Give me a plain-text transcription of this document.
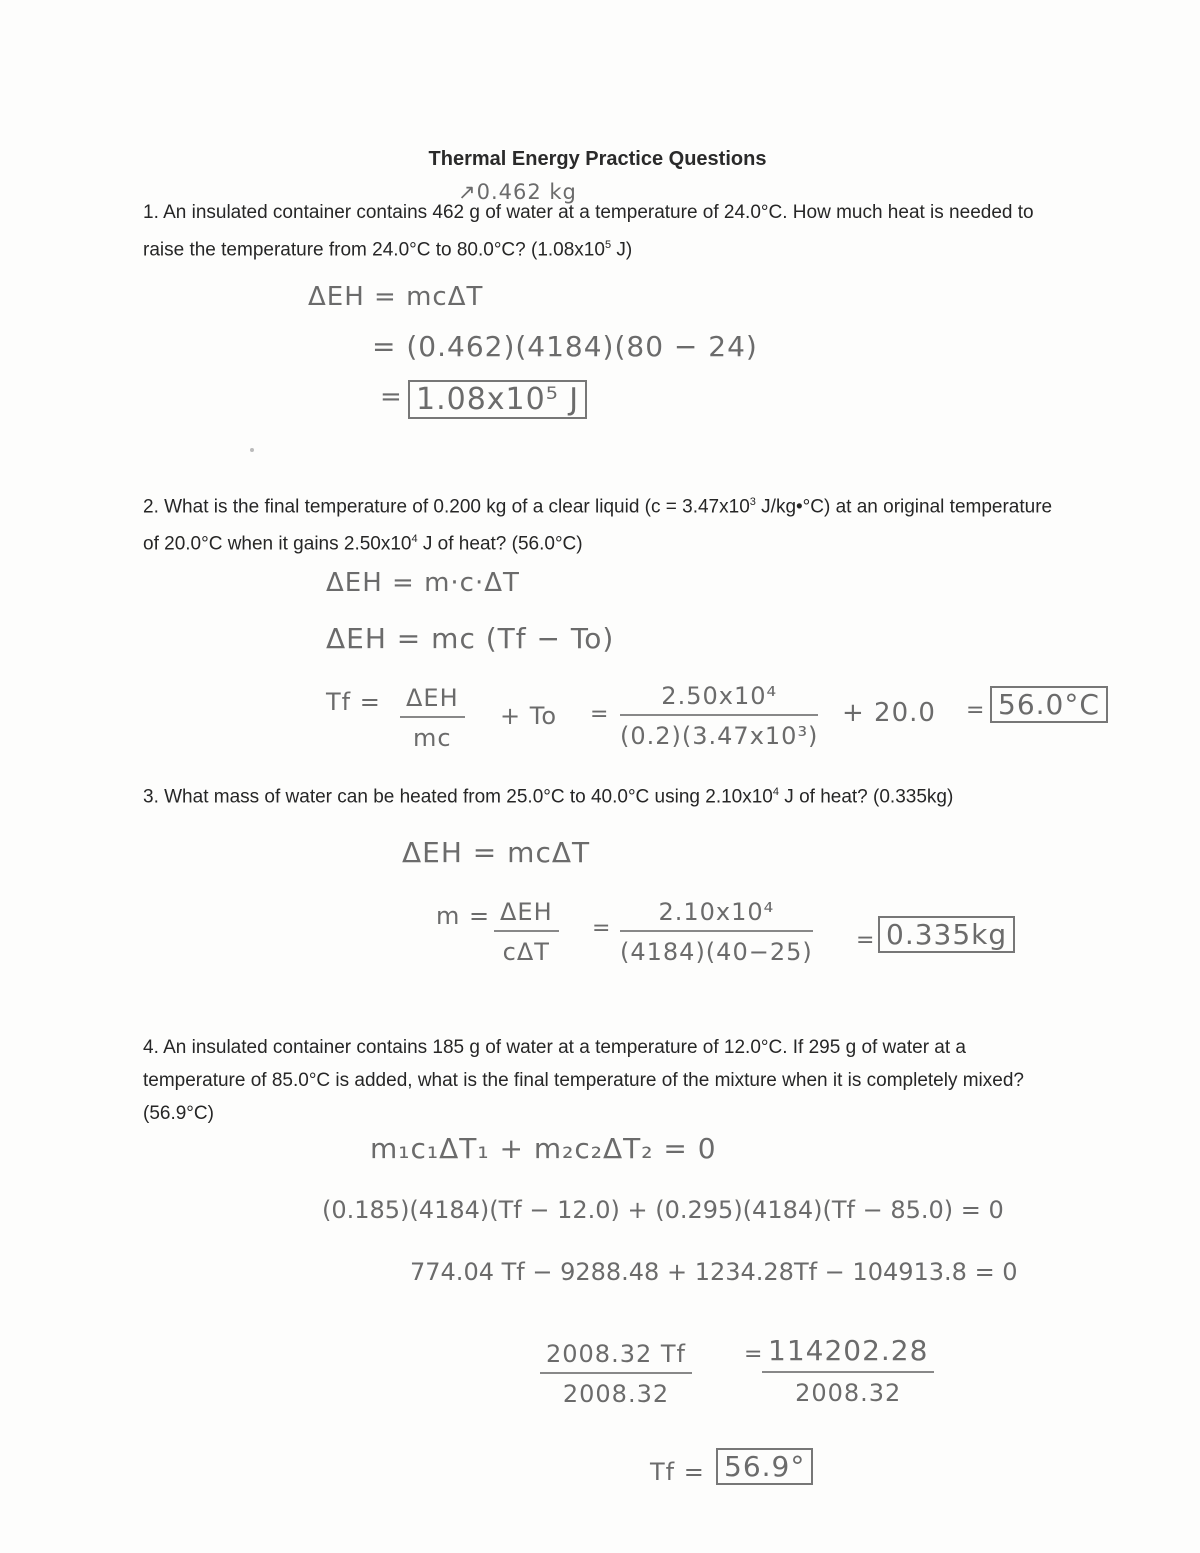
Thermal Energy Practice Questions
↗0.462 kg
1. An insulated container contains 462 g of water at a temperature of 24.0°C. How much heat is needed to raise the temperature from 24.0°C to 80.0°C? ($1.08x10^5$ J)
ΔEH = mcΔT
= (0.462)(4184)(80 − 24)
= 1.08x10⁵ J
2. What is the final temperature of 0.200 kg of a clear liquid ($c = 3.47x10^3$ J/kg•°C) at an original temperature of 20.0°C when it gains $2.50x10^4$ J of heat? (56.0°C)
ΔEH = m·c·ΔT
ΔEH = mc (Tf − To)
Tf = ΔEH
mc
+ $To = \frac{\text{2.50x10⁴}}{\text{(0.2)(3.47x10³)}} + 20.0 = 56.0^\circ C$
3. What mass of water can be heated from 25.0°C to 40.0°C using $2.10x10^4$ J of heat? (0.335kg)
ΔEH = mcΔT
m = ΔEH
cΔT
= $\frac{\text{2.10x10⁴}}{(4184)(40-25)} = 0.335kg$
4. An insulated container contains 185 g of water at a temperature of 12.0°C. If 295 g of water at a temperature of 85.0°C is added, what is the final temperature of the mixture when it is completely mixed? (56.9°C)
m₁c₁ΔT₁ + m₂c₂ΔT₂ = 0
(0.185)(4184)(Tf − 12.0) + (0.295)(4184)(Tf − 85.0) = 0
774.04 Tf − 9288.48 + 1234.28Tf − 104913.8 = 0
$\frac{2008.32 Tf}{2008.32}$ =
$\frac{114202.28}{2008.32}$
Tf = 56.9°
